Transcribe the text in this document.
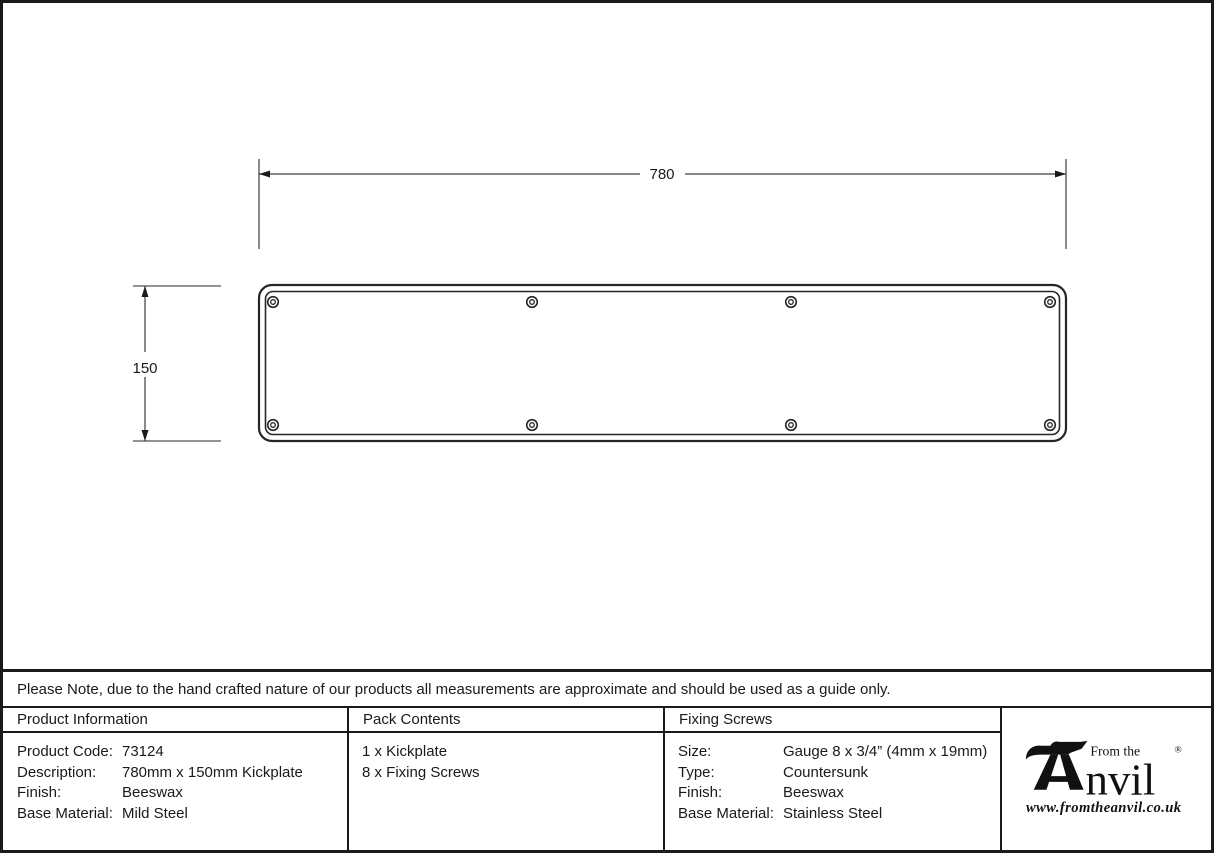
780
150
Please Note, due to the hand crafted nature of our products all measurements are approximate and should be used as a guide only.
Product Information
Product Code: 73124
Description:	780mm x 150mm Kickplate
Finish:	Beeswax
Base Material: Mild Steel
Pack Contents
1 x Kickplate
8 x Fixing Screws
Fixing Screws
Size:	Gauge 8 x 3/4” (4mm x 19mm)
Type:	Countersunk
Finish:	Beeswax
Base Material: Stainless Steel
From the
nvil
®
www.fromtheanvil.co.uk
